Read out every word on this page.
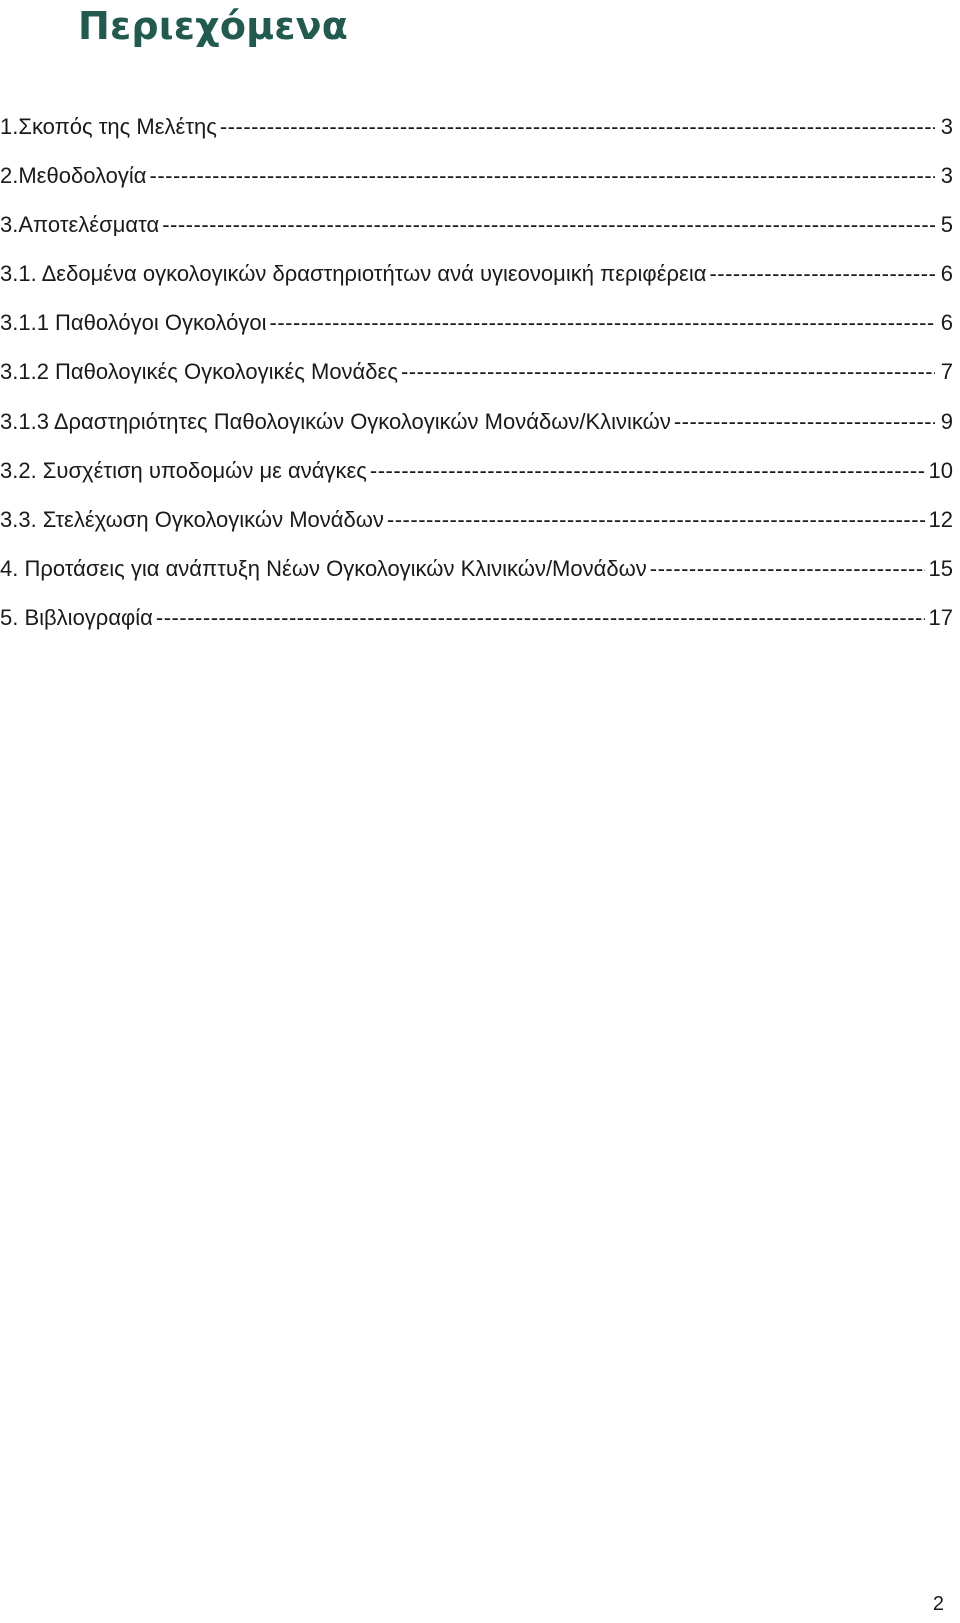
Περιεχόμενα
1.Σκοπός της Μελέτης -----	3
2.Μεθοδολογία -----	3
3.Αποτελέσματα -----	5
3.1. Δεδομένα ογκολογικών δραστηριοτήτων ανά υγιεονομική περιφέρεια -----	6
3.1.1 Παθολόγοι Ογκολόγοι -----	6
3.1.2 Παθολογικές Ογκολογικές Μονάδες -----	7
3.1.3 Δραστηριότητες Παθολογικών Ογκολογικών Μονάδων/Κλινικών -----	9
3.2. Συσχέτιση υποδομών με ανάγκες -----	10
3.3. Στελέχωση Ογκολογικών Μονάδων -----	12
4. Προτάσεις για ανάπτυξη Νέων Ογκολογικών Κλινικών/Μονάδων -----	15
5. Βιβλιογραφία -----	17
2
